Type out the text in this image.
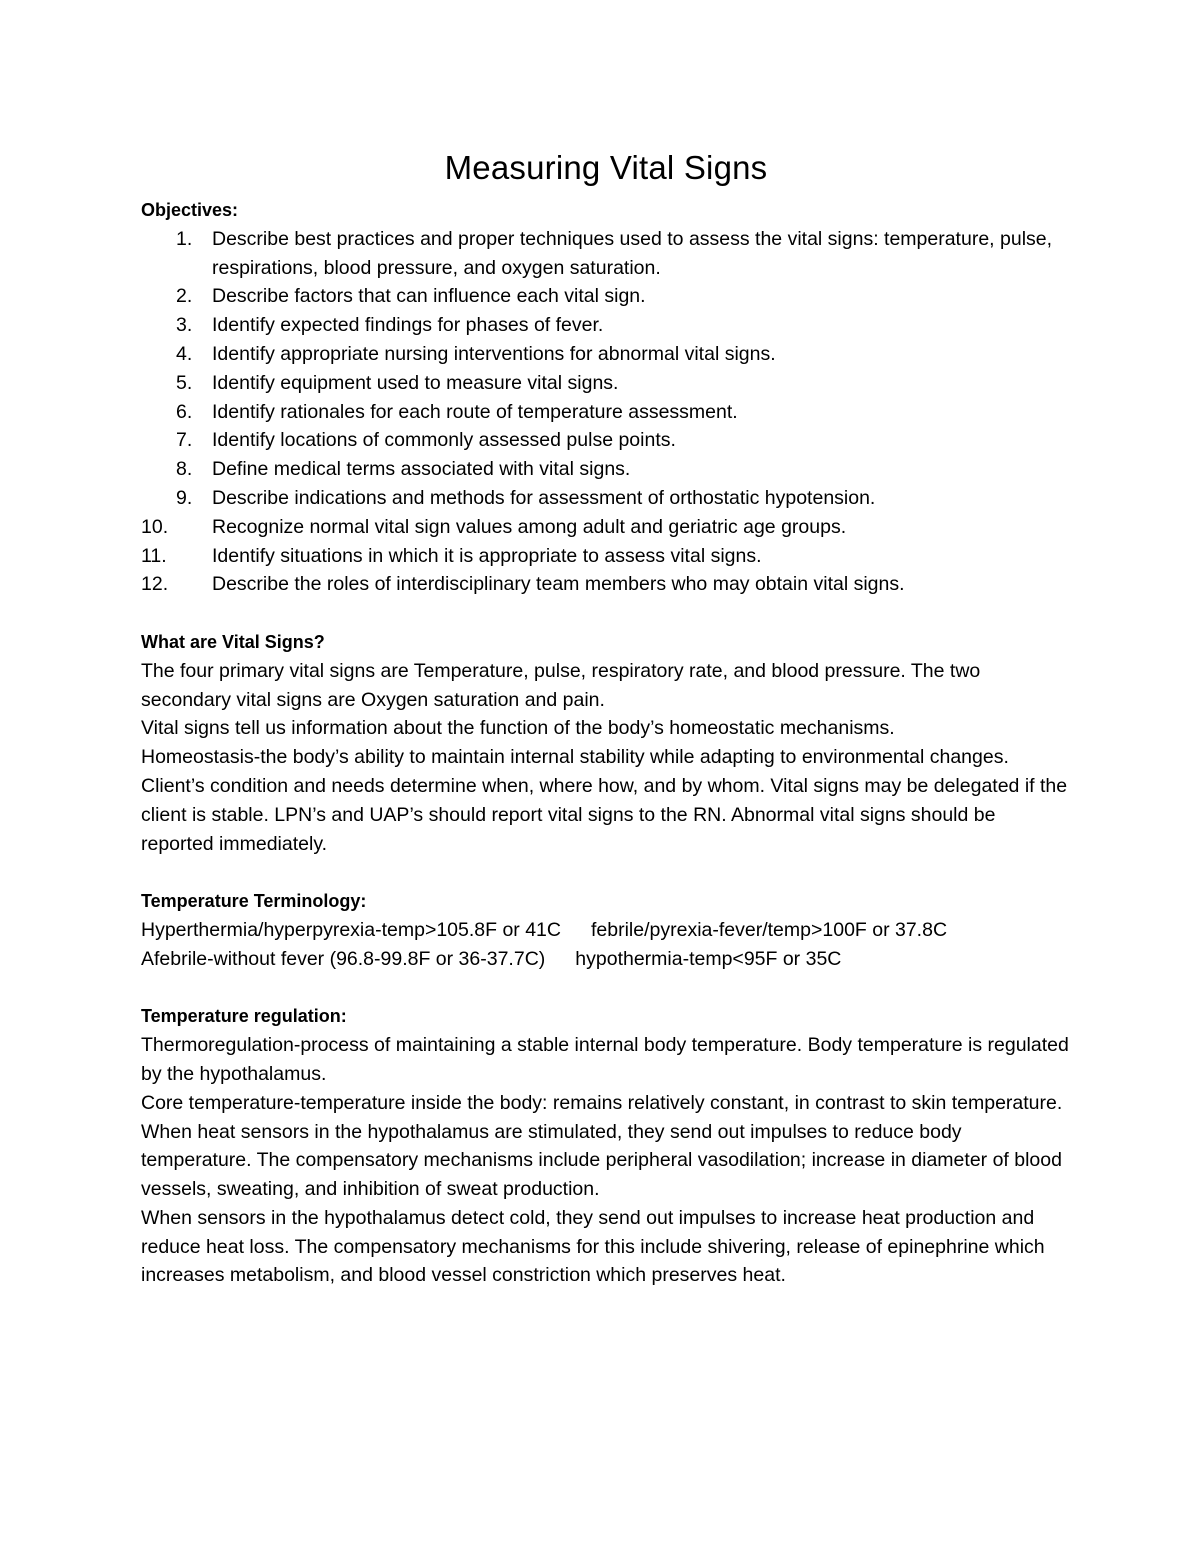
Measuring Vital Signs

Objectives:

1. Describe best practices and proper techniques used to assess the vital signs: temperature, pulse, respirations, blood pressure, and oxygen saturation.
2. Describe factors that can influence each vital sign.
3. Identify expected findings for phases of fever.
4. Identify appropriate nursing interventions for abnormal vital signs.
5. Identify equipment used to measure vital signs.
6. Identify rationales for each route of temperature assessment.
7. Identify locations of commonly assessed pulse points.
8. Define medical terms associated with vital signs.
9. Describe indications and methods for assessment of orthostatic hypotension.
10. Recognize normal vital sign values among adult and geriatric age groups.
11. Identify situations in which it is appropriate to assess vital signs.
12. Describe the roles of interdisciplinary team members who may obtain vital signs.

What are Vital Signs?

The four primary vital signs are Temperature, pulse, respiratory rate, and blood pressure. The two secondary vital signs are Oxygen saturation and pain.

Vital signs tell us information about the function of the body’s homeostatic mechanisms.

Homeostasis-the body’s ability to maintain internal stability while adapting to environmental changes.

Client’s condition and needs determine when, where how, and by whom. Vital signs may be delegated if the client is stable. LPN’s and UAP’s should report vital signs to the RN. Abnormal vital signs should be reported immediately.

Temperature Terminology:

Hyperthermia/hyperpyrexia-temp>105.8F or 41C febrile/pyrexia-fever/temp>100F or 37.8C
Afebrile-without fever (96.8-99.8F or 36-37.7C) hypothermia-temp<95F or 35C

Temperature regulation:

Thermoregulation-process of maintaining a stable internal body temperature. Body temperature is regulated by the hypothalamus.

Core temperature-temperature inside the body: remains relatively constant, in contrast to skin temperature.

When heat sensors in the hypothalamus are stimulated, they send out impulses to reduce body temperature. The compensatory mechanisms include peripheral vasodilation; increase in diameter of blood vessels, sweating, and inhibition of sweat production.

When sensors in the hypothalamus detect cold, they send out impulses to increase heat production and reduce heat loss. The compensatory mechanisms for this include shivering, release of epinephrine which increases metabolism, and blood vessel constriction which preserves heat.
